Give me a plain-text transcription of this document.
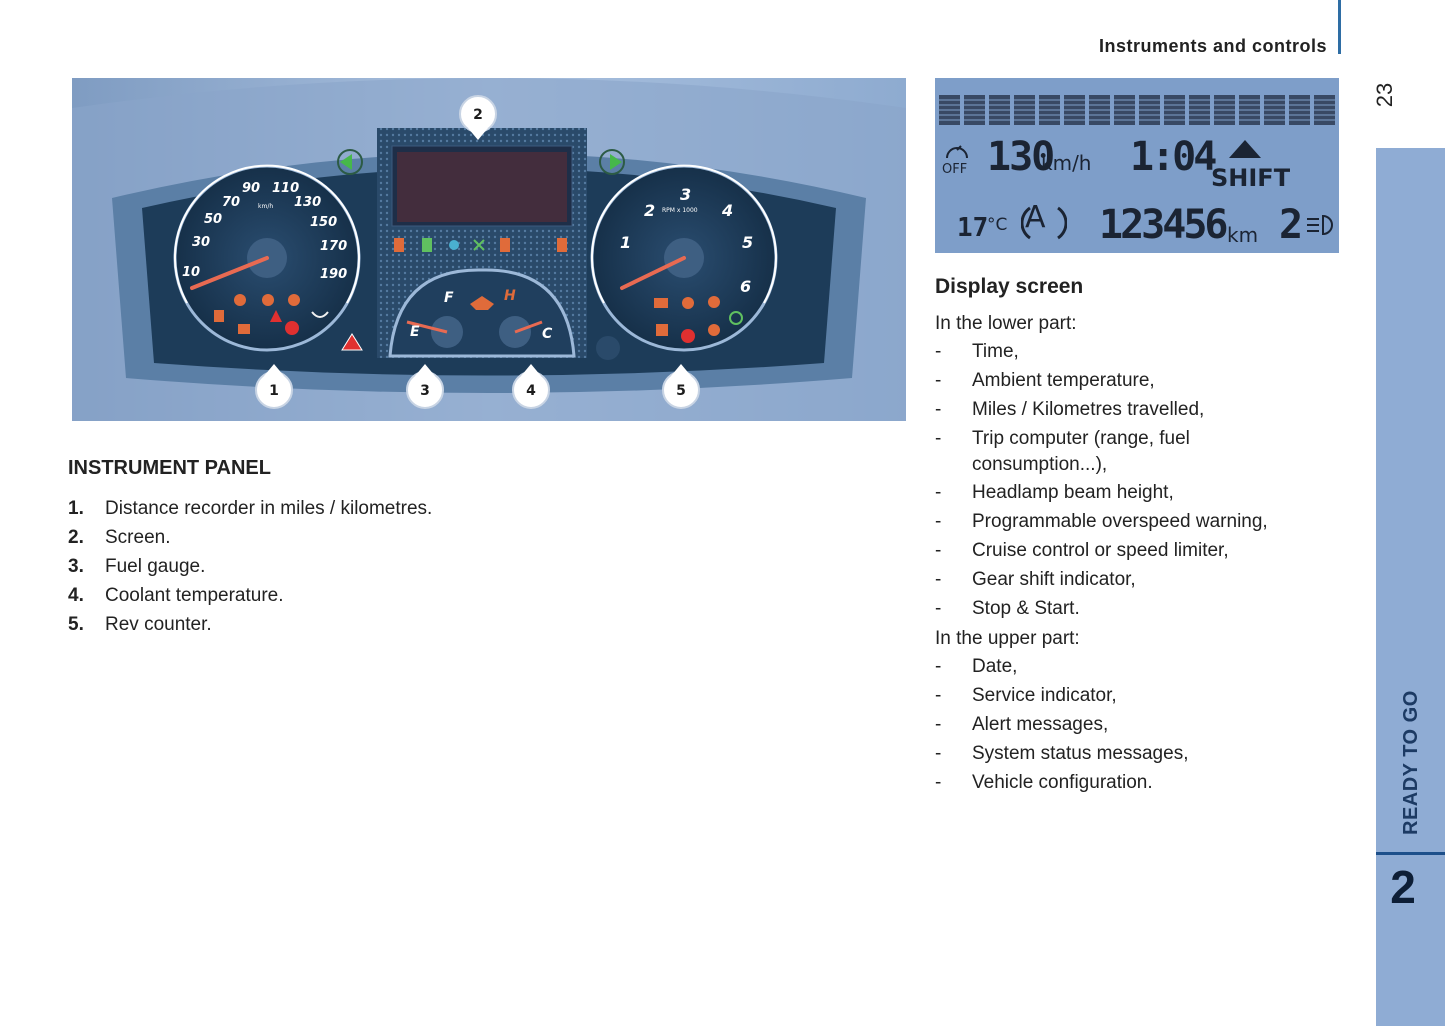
Instruments and controls
23
READY TO GO
2
10
30
50
70
90 110
130
150
170
190
km/h
F
E
H
C
1
2
3
4
5
6
RPM x 1000
2
1	3	4	5
OFF 130
km/h 1:04
SHIFT
17
°C A 123456 km 2
INSTRUMENT PANEL
1.	Distance recorder in miles / kilometres.
2.	Screen.
3.	Fuel gauge.
4.	Coolant temperature.
5.	Rev counter.
Display screen
In the lower part:
-	Time,
-	Ambient temperature,
-	Miles / Kilometres travelled,
-	Trip computer (range, fuel consumption...),
-	Headlamp beam height,
-	Programmable overspeed warning,
-	Cruise control or speed limiter,
-	Gear shift indicator,
-	Stop & Start.
In the upper part:
-	Date,
-	Service indicator,
-	Alert messages,
-	System status messages,
-	Vehicle configuration.
